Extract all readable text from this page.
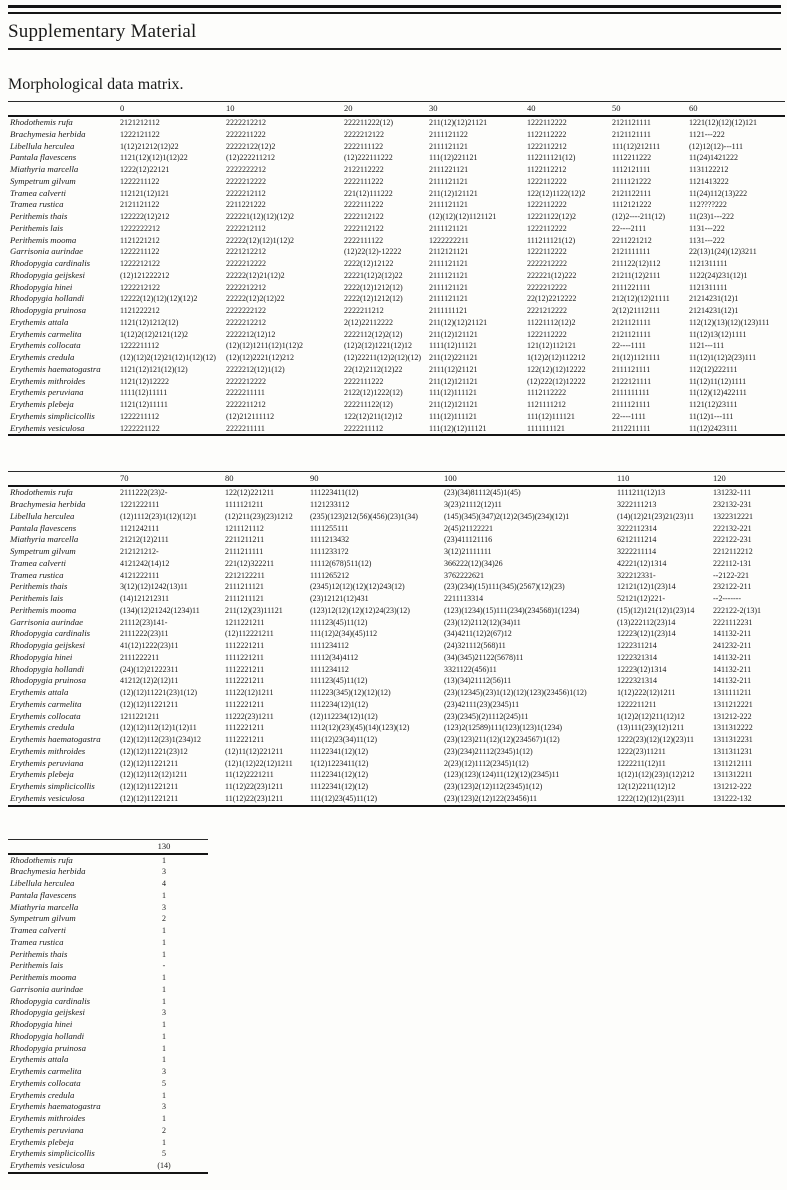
Supplementary Material
Morphological data matrix.
	0	10	20	30	40	50	60
Rhodothemis rufa	2121212112	2222212212	222211222(12)	211(12)(12)21121	1222112222	2121121111	1221(12)(12)(12)121
Brachymesia herbida	1222121122	2222211222	2222212122	2111121122	1122112222	2121121111	1121---222
Libellula herculea	1(12)21212(12)22	22222122(12)2	2222111122	2111121121	1222112212	111(12)212111	(12)12(12)---111
Pantala flavescens	1121(12)(12)1(12)22	(12)222211212	(12)222111222	111(12)221121	112211121(12)	1112211222	11(24)1421222
Miathyria marcella	1222(12)22121	2222222212	2122112222	2111221121	1122112212	1112121111	1131122212
Sympetrum gilvum	1222211122	2222212222	2222111222	2111121121	1222112222	2111121222	1121413222
Tramea calverti	112121(12)121	2222212112	221(12)111222	211(12)121121	122(12)1122(12)2	2121122111	11(24)112(13)222
Tramea rustica	2121121122	2211221222	2222111222	2111121121	1222112222	1112121222	112????222
Perithemis thais	122222(12)212	222221(12)(12)(12)2	2222112122	(12)(12)(12)1121121	12221122(12)2	(12)2----211(12)	11(23)1---222
Perithemis lais	1222222212	2222212112	2222112122	2111121121	1222112222	22----2111	1131---222
Perithemis mooma	1121221212	22222(12)(12)1(12)2	2222111122	1222222211	111211121(12)	2211221212	1131---222
Garrisonia aurindae	1222211122	2221212212	(12)22(12)-12222	2112121121	1222112222	2121111111	22(13)1(24)(12)3211
Rhodopygia cardinalis	1222212122	2222212222	2222(12)12122	2111121121	2222212222	211122(12)112	1121311111
Rhodopygia geijskesi	(12)121222212	22222(12)21(12)2	22221(12)2(12)22	2111121121	222221(12)222	21211(12)2111	1122(24)231(12)1
Rhodopygia hinei	1222212122	2222212212	2222(12)1212(12)	2111121121	2222212222	2111221111	1121311111
Rhodopygia hollandi	12222(12)(12)(12)(12)2	22222(12)2(12)22	2222(12)1212(12)	2111121121	22(12)2212222	212(12)(12)21111	21214231(12)1
Rhodopygia pruinosa	1121222212	2222222122	2222211212	2111111121	2221212222	2(12)21112111	21214231(12)1
Erythemis attala	1121(12)1212(12)	2222212212	2(12)22112222	211(12)(12)21121	11221112(12)2	2121121111	112(12)(13)(12)(123)111
Erythemis carmelita	1(12)2(12)2121(12)2	2222212(12)12	2222112(12)2(12)	211(12)121121	1222112222	2121121111	11(12)13(12)1111
Erythemis collocata	1222211112	(12)(12)1211(12)1(12)2	(12)2(12)1221(12)12	1111(12)11121	121(12)112121	22----1111	1121---111
Erythemis credula	(12)(12)2(12)21(12)1(12)(12)	(12)(12)2221(12)212	(12)22211(12)2(12)(12)	211(12)221121	1(12)2(12)112212	21(12)1121111	11(12)1(12)2(23)111
Erythemis haematogastra	1121(12)121(12)(12)	2222212(12)1(12)	22(12)2112(12)22	2111(12)21121	122(12)(12)12222	2111121111	112(12)222111
Erythemis mithroides	1121(12)12222	2222212222	2222111222	211(12)121121	(12)222(12)12222	2122121111	11(12)11(12)1111
Erythemis peruviana	1111(12)11111	2222211111	2122(12)1222(12)	111(12)111121	1112112222	2111111111	11(12)(12)422111
Erythemis plebeja	1121(12)11111	2222211212	222211122(12)	211(12)121121	1121111212	2111121111	1121(12)23111
Erythemis simplicicollis	1222211112	(12)212111112	122(12)211(12)12	111(12)111121	111(12)111121	22----1111	11(12)1---111
Erythemis vesiculosa	1222221122	2222211111	2222211112	111(12)(12)11121	1111111121	2112211111	11(12)2423111
	70	80	90	100	110	120
Rhodothemis rufa	2111222(23)2-	122(12)221211	111223411(12)	(23)(34)81112(45)1(45)	1111211(12)13	131232-111
Brachymesia herbida	1221222111	1111121211	1121233112	3(23)21112(12)11	3222111213	232132-231
Libellula herculea	(12)1112(23)1(12)(12)1	(12)211(23)(23)1212	(235)(123)212(56)(456)(23)1(34)	(145)(345)(347)2(12)2(345)(234)(12)1	(14)(12)21(23)21(23)11	1322312221
Pantala flavescens	1121242111	1211121112	1111255111	2(45)21122221	3222112314	222132-221
Miathyria marcella	21212(12)2111	2211211211	1111213432	(23)411121116	6212111214	222122-231
Sympetrum gilvum	212121212-	2111211111	11112331?2	3(12)21111111	3222211114	2212112212
Tramea calverti	4121242(14)12	221(12)322211	11112(678)511(12)	366222(12)(34)26	42221(12)1314	222112-131
Tramea rustica	4121222111	2212122211	1111265212	3762222621	322212331-	--2122-221
Perithemis thais	3(12)(12)1242(13)11	2111211121	(2345)12(12)(12)(12)243(12)	(23)(234)(15)111(345)(2567)(12)(23)	12121(12)1(23)14	232122-211
Perithemis lais	(14)121212311	2111211121	(23)12121(12)431	2211113314	52121(12)221-	--2-------
Perithemis mooma	(134)(12)21242(1234)11	211(12)(23)11121	(123)12(12)(12)(12)24(23)(12)	(123)(1234)(15)111(234)(234568)1(1234)	(15)(12)121(12)1(23)14	222122-2(13)1
Garrisonia aurindae	21112(23)141-	1211221211	111123(45)11(12)	(23)(12)2112(12)(34)11	(13)222112(23)14	2221112231
Rhodopygia cardinalis	2111222(23)11	(12)112221211	111(12)2(34)(45)112	(34)4211(12)2(67)12	12223(12)1(23)14	141132-211
Rhodopygia geijskesi	41(12)1222(23)11	1112221211	1111234112	(24)321112(568)11	1222311214	241232-211
Rhodopygia hinei	2111222211	1111221211	11112(34)4112	(34)(345)21122(5678)11	1222321314	141132-211
Rhodopygia hollandi	(24)(12)21222311	1112221211	1111234112	3321122(456)11	12223(12)1314	141132-211
Rhodopygia pruinosa	41212(12)2(12)11	1112221211	111123(45)11(12)	(13)(34)21112(56)11	1222321314	141132-211
Erythemis attala	(12)(12)11221(23)1(12)	11122(12)1211	111223(345)(12)(12)(12)	(23)(12345)(23)1(12)(12)(123)(23456)1(12)	1(12)222(12)1211	1311111211
Erythemis carmelita	(12)(12)11221211	1112221211	1112234(12)1(12)	(23)42111(23)(2345)11	1222211211	1311212221
Erythemis collocata	1211221211	11222(23)1211	(12)112234(12)1(12)	(23)(2345)(2)1112(245)11	1(12)2(12)211(12)12	131212-222
Erythemis credula	(12)(12)112(12)1(12)11	1112221211	1112(12)(23)(45)(14)(123)(12)	(123)2(12589)111(123)(123)1(1234)	(13)111(23)(12)1211	1311312222
Erythemis haematogastra	(12)(12)112(23)1(234)12	1112221211	111(12)23(34)11(12)	(23)(123)211(12)(12)(234567)1(12)	1222(23)(12)(12)(23)11	1311312231
Erythemis mithroides	(12)(12)11221(23)12	(12)11(12)221211	11122341(12)(12)	(23)(234)21112(2345)1(12)	1222(23)11211	1311311231
Erythemis peruviana	(12)(12)11221211	(12)1(12)22(12)1211	1(12)1223411(12)	2(23)(12)1112(2345)1(12)	1222211(12)11	1311212111
Erythemis plebeja	(12)(12)112(12)1211	11(12)2221211	11122341(12)(12)	(123)(123)(124)11(12)(12)(2345)11	1(12)1(12)(23)1(12)212	1311312211
Erythemis simplicicollis	(12)(12)11221211	11(12)22(23)1211	11122341(12)(12)	(23)(123)2(12)112(2345)1(12)	12(12)2211(12)12	131212-222
Erythemis vesiculosa	(12)(12)11221211	11(12)22(23)1211	111(12)23(45)11(12)	(23)(123)2(12)122(23456)11	1222(12)(12)1(23)11	131222-132
	130
Rhodothemis rufa	1
Brachymesia herbida	3
Libellula herculea	4
Pantala flavescens	1
Miathyria marcella	3
Sympetrum gilvum	2
Tramea calverti	1
Tramea rustica	1
Perithemis thais	1
Perithemis lais	-
Perithemis mooma	1
Garrisonia aurindae	1
Rhodopygia cardinalis	1
Rhodopygia geijskesi	3
Rhodopygia hinei	1
Rhodopygia hollandi	1
Rhodopygia pruinosa	1
Erythemis attala	1
Erythemis carmelita	3
Erythemis collocata	5
Erythemis credula	1
Erythemis haematogastra	3
Erythemis mithroides	1
Erythemis peruviana	2
Erythemis plebeja	1
Erythemis simplicicollis	5
Erythemis vesiculosa	(14)
